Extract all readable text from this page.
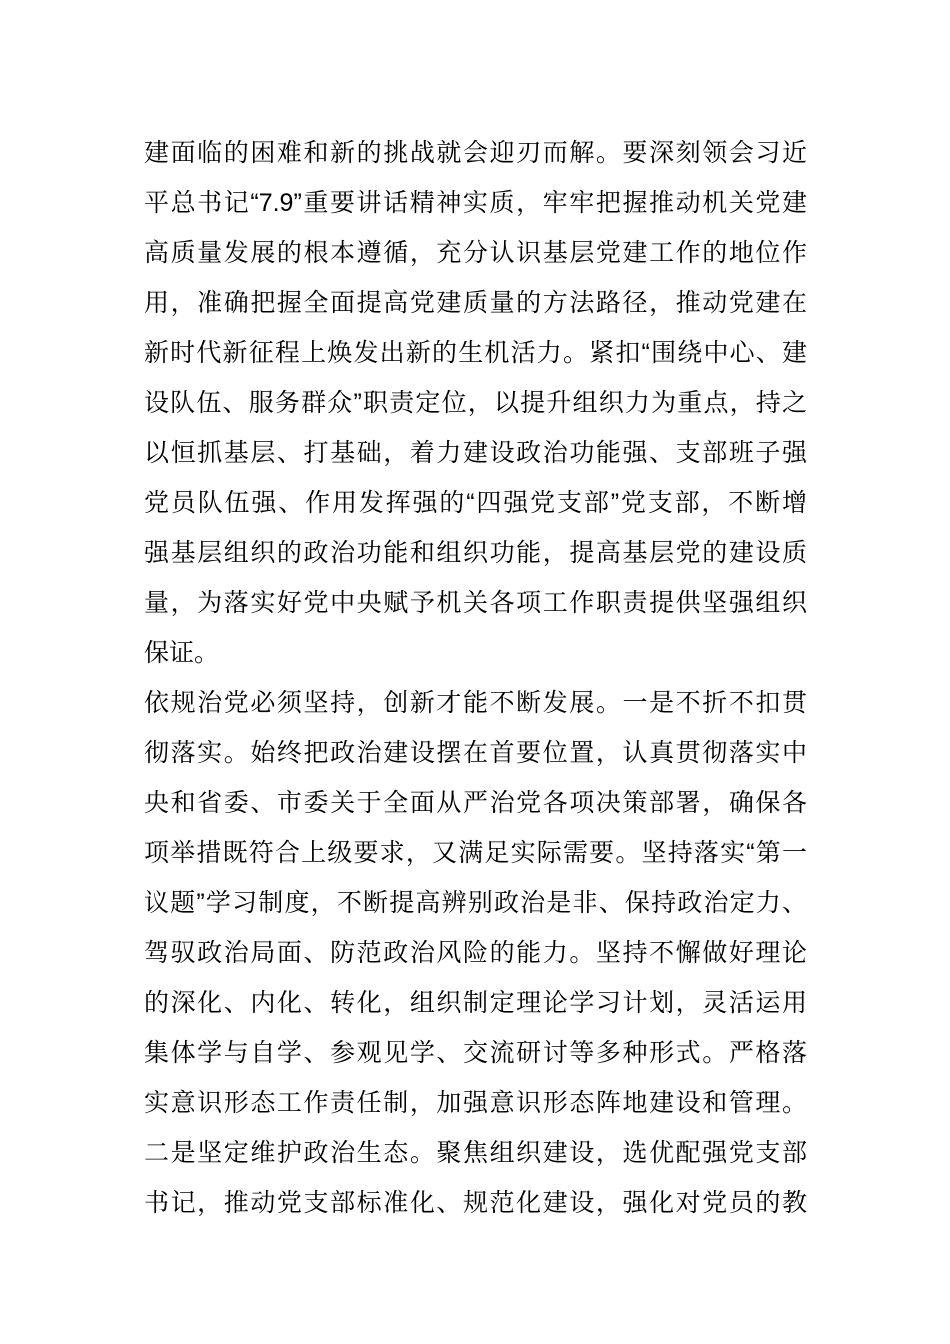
建面临的困难和新的挑战就会迎刃而解。要深刻领会习近
平总书记“7.9”重要讲话精神实质，牢牢把握推动机关党建
高质量发展的根本遵循，充分认识基层党建工作的地位作
用，准确把握全面提高党建质量的方法路径，推动党建在
新时代新征程上焕发出新的生机活力。紧扣“围绕中心、建
设队伍、服务群众”职责定位，以提升组织力为重点，持之
以恒抓基层、打基础，着力建设政治功能强、支部班子强
党员队伍强、作用发挥强的“四强党支部”党支部，不断增
强基层组织的政治功能和组织功能，提高基层党的建设质
量，为落实好党中央赋予机关各项工作职责提供坚强组织
保证。
依规治党必须坚持，创新才能不断发展。一是不折不扣贯
彻落实。始终把政治建设摆在首要位置，认真贯彻落实中
央和省委、市委关于全面从严治党各项决策部署，确保各
项举措既符合上级要求，又满足实际需要。坚持落实“第一
议题”学习制度，不断提高辨别政治是非、保持政治定力、
驾驭政治局面、防范政治风险的能力。坚持不懈做好理论
的深化、内化、转化，组织制定理论学习计划，灵活运用
集体学与自学、参观见学、交流研讨等多种形式。严格落
实意识形态工作责任制，加强意识形态阵地建设和管理。
二是坚定维护政治生态。聚焦组织建设，选优配强党支部
书记，推动党支部标准化、规范化建设，强化对党员的教
